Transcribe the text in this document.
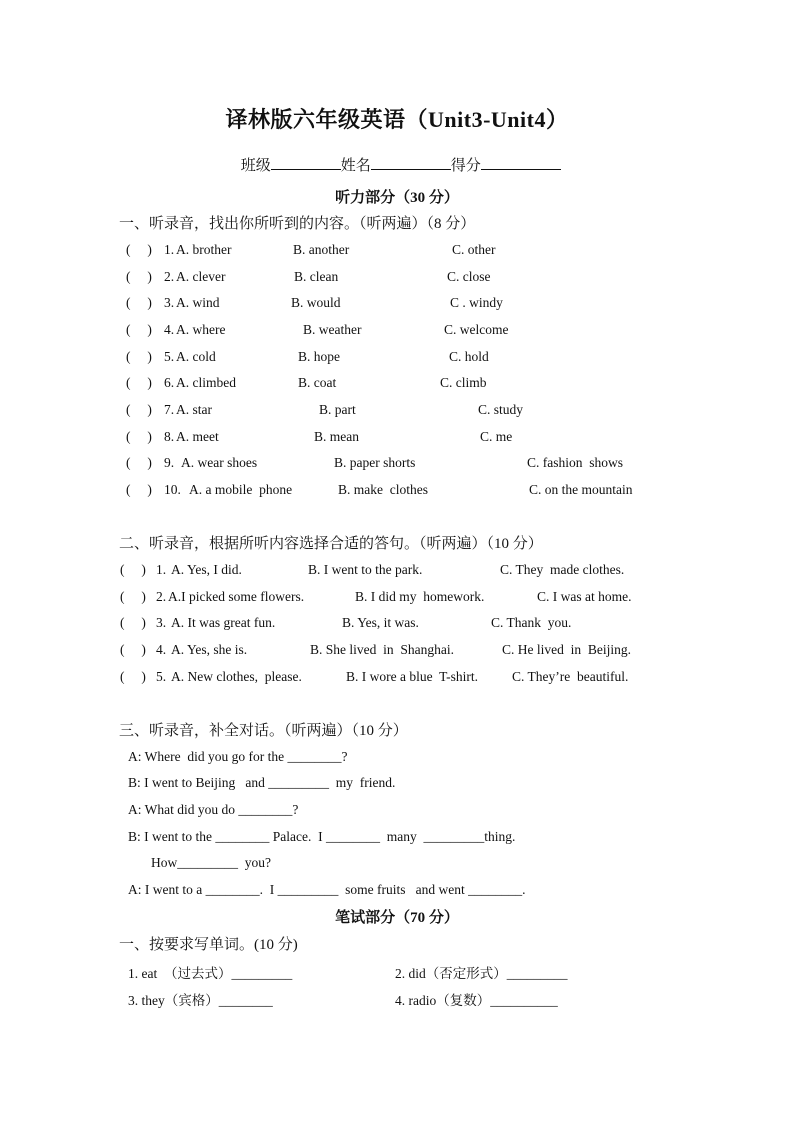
译林版六年级英语（Unit3-Unit4）

班级	姓名	得分

听力部分（30 分）
一、听录音，找出你所听到的内容。（听两遍）（8 分）
(     ) 1. A. brother	B. another	C. other
(     ) 2. A. clever	B. clean	C. close
(     ) 3. A. wind	B. would	C . windy
(     ) 4. A. where	B. weather	C. welcome
(     ) 5. A. cold	B. hope	C. hold
(     ) 6. A. climbed	B. coat	C. climb
(     ) 7. A. star	B. part	C. study
(     ) 8. A. meet	B. mean	C. me
(     ) 9. A. wear shoes	B. paper shorts	C. fashion  shows
(     ) 10. A. a mobile  phone	B. make  clothes	C. on the mountain
二、听录音，根据所听内容选择合适的答句。（听两遍）（10 分）
(     ) 1. A. Yes, I did.	B. I went to the park.	C. They  made clothes.
(     ) 2. A.I picked some flowers.	B. I did my  homework.	C. I was at home.
(     ) 3. A. It was great fun.	B. Yes, it was.	C. Thank  you.
(     ) 4. A. Yes, she is.	B. She lived  in  Shanghai.	C. He lived  in  Beijing.
(     ) 5. A. New clothes,  please.	B. I wore a blue  T-shirt.	C. They’re  beautiful.
三、听录音，补全对话。（听两遍）（10 分）
A: Where  did you go for the ________?
B: I went to Beijing   and _________  my  friend.
A: What did you do ________?
B: I went to the ________ Palace.  I ________  many  _________thing.
How_________  you?
A: I went to a ________.  I _________  some fruits   and went ________.
笔试部分（70 分）
一、按要求写单词。(10 分)
1. eat  （过去式）_________	2. did（否定形式）_________
3. they（宾格）________	4. radio（复数）__________
